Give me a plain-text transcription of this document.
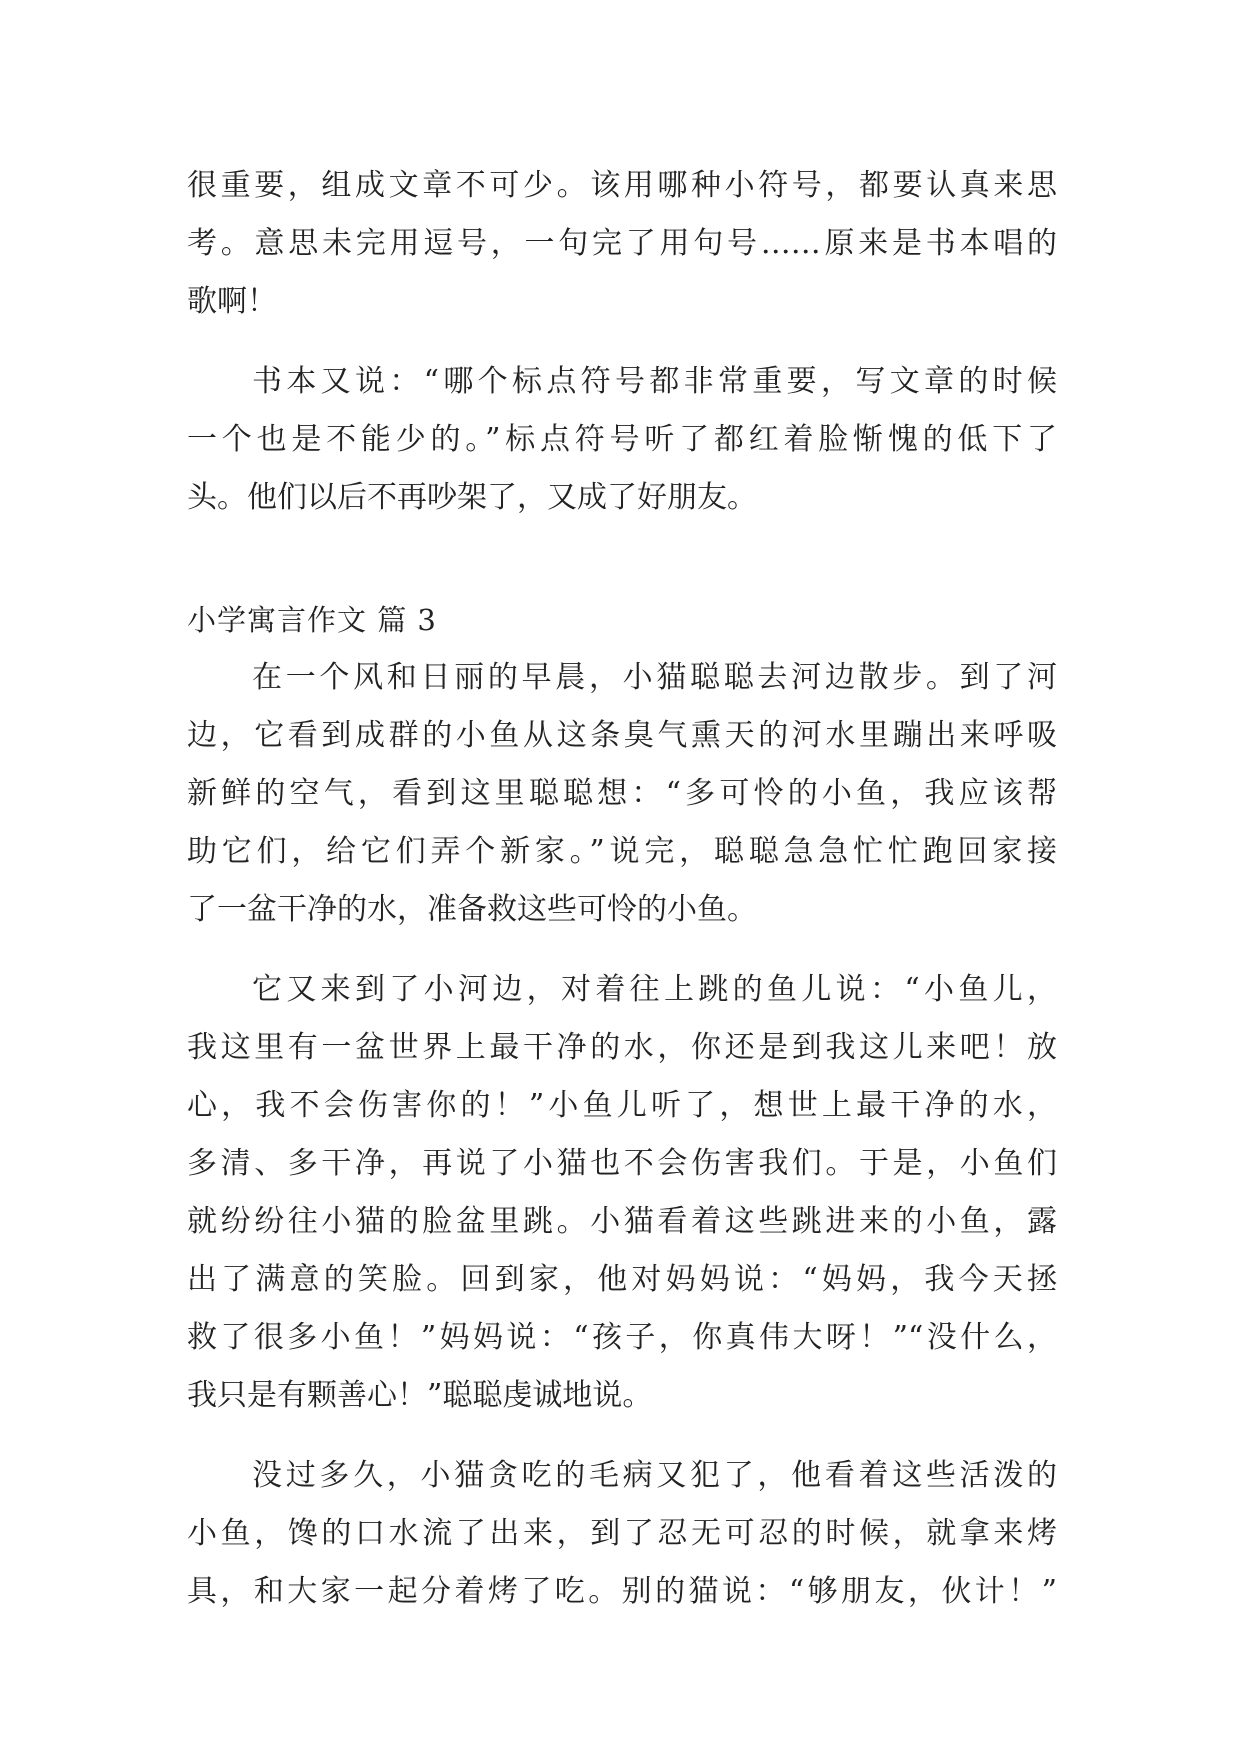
很重要，组成文章不可少。该用哪种小符号，都要认真来思
考。意思未完用逗号，一句完了用句号……原来是书本唱的
歌啊！
书本又说：“哪个标点符号都非常重要，写文章的时候
一个也是不能少的。”标点符号听了都红着脸惭愧的低下了
头。他们以后不再吵架了，又成了好朋友。
小学寓言作文 篇 3
在一个风和日丽的早晨，小猫聪聪去河边散步。到了河
边，它看到成群的小鱼从这条臭气熏天的河水里蹦出来呼吸
新鲜的空气，看到这里聪聪想：“多可怜的小鱼，我应该帮
助它们，给它们弄个新家。”说完，聪聪急急忙忙跑回家接
了一盆干净的水，准备救这些可怜的小鱼。
它又来到了小河边，对着往上跳的鱼儿说：“小鱼儿，
我这里有一盆世界上最干净的水，你还是到我这儿来吧！放
心，我不会伤害你的！”小鱼儿听了，想世上最干净的水，
多清、多干净，再说了小猫也不会伤害我们。于是，小鱼们
就纷纷往小猫的脸盆里跳。小猫看着这些跳进来的小鱼，露
出了满意的笑脸。回到家，他对妈妈说：“妈妈，我今天拯
救了很多小鱼！”妈妈说：“孩子，你真伟大呀！”“没什么，
我只是有颗善心！”聪聪虔诚地说。
没过多久，小猫贪吃的毛病又犯了，他看着这些活泼的
小鱼，馋的口水流了出来，到了忍无可忍的时候，就拿来烤
具，和大家一起分着烤了吃。别的猫说：“够朋友，伙计！”
